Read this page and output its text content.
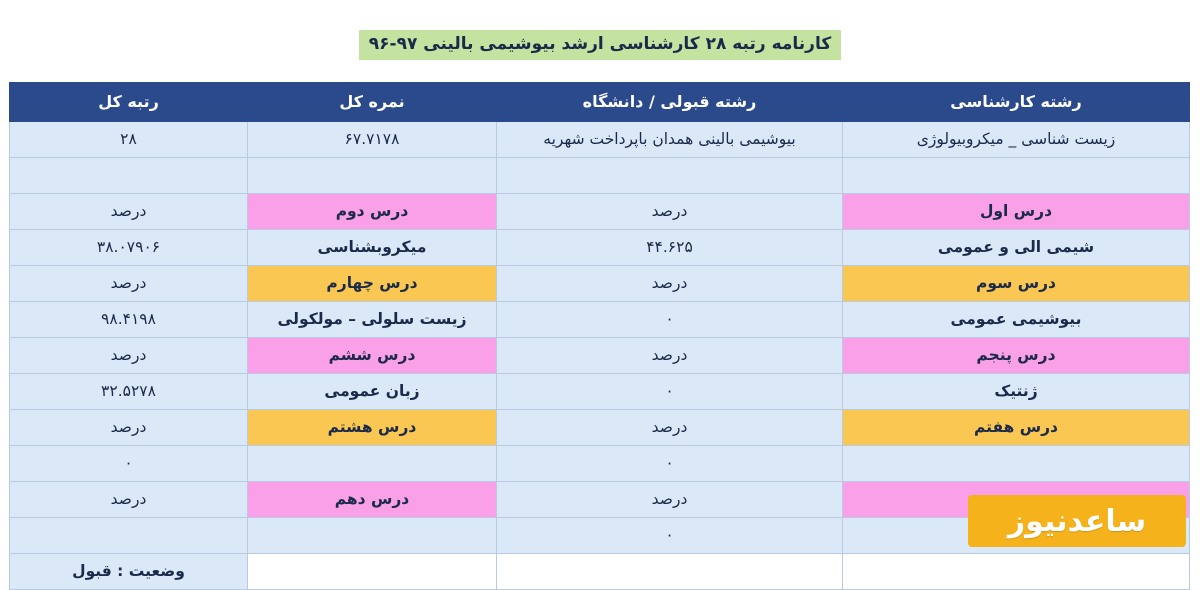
کارنامه رتبه ۲۸ کارشناسی ارشد بیوشیمی بالینی ۹۷-۹۶
رشته کارشناسی	رشته قبولی / دانشگاه	نمره کل	رتبه کل
زیست شناسی _ میکروبیولوژی	بیوشیمی بالینی همدان باپرداخت شهریه	۶۷.۷۱۷۸	۲۸

درس اول	درصد	درس دوم	درصد
شیمی الی و عمومی	۴۴.۶۲۵	میکروبشناسی	۳۸.۰۷۹۰۶
درس سوم	درصد	درس چهارم	درصد
بیوشیمی عمومی	۰	زیست سلولی – مولکولی	۹۸.۴۱۹۸
درس پنجم	درصد	درس ششم	درصد
ژنتیک	۰	زبان عمومی	۳۲.۵۲۷۸
درس هفتم	درصد	درس هشتم	درصد
	۰		۰
	درصد	درس دهم	درصد
	۰		
			وضعیت : قبول
ساعدنیوز
